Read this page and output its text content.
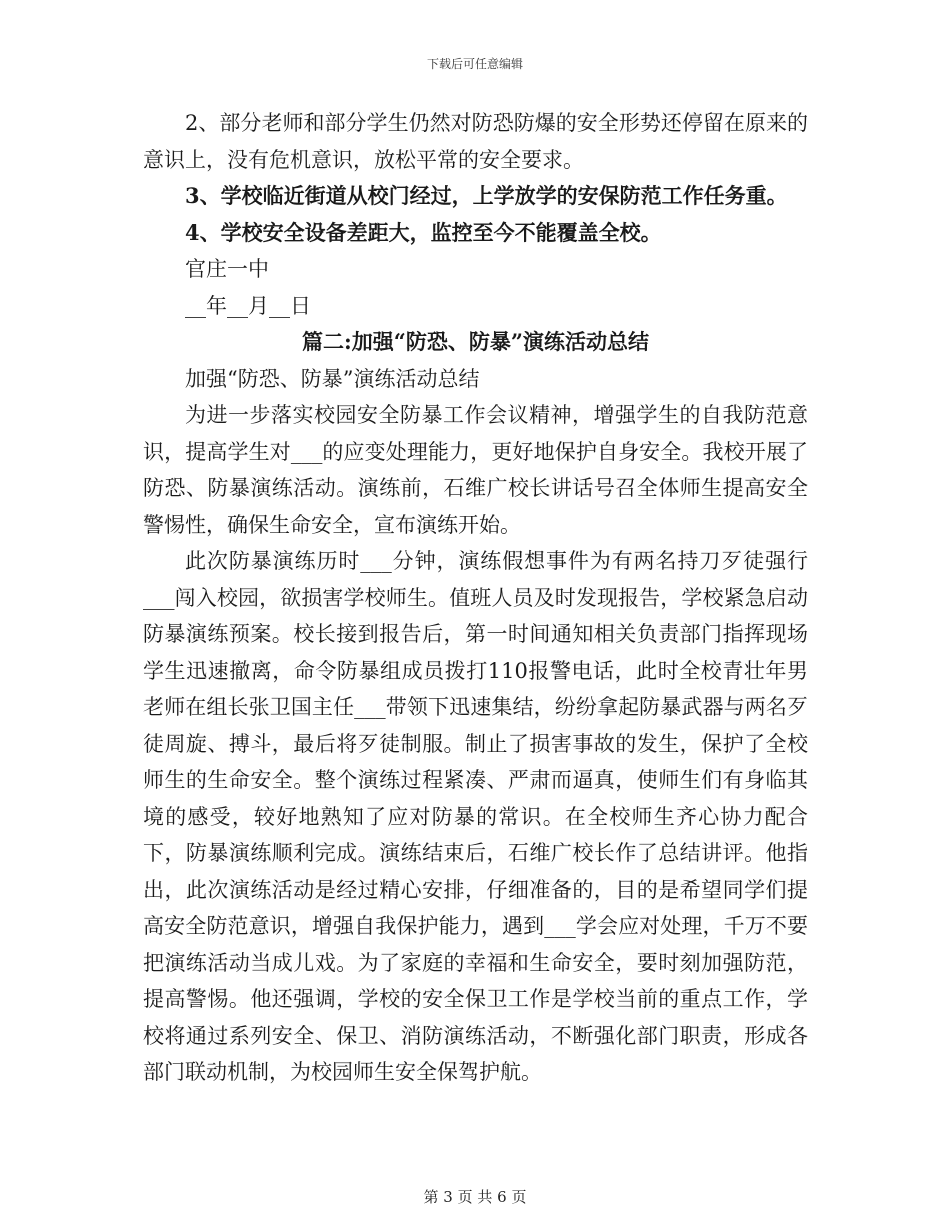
下载后可任意编辑

2、部分老师和部分学生仍然对防恐防爆的安全形势还停留在原来的意识上，没有危机意识，放松平常的安全要求。

3、学校临近街道从校门经过，上学放学的安保防范工作任务重。

4、学校安全设备差距大，监控至今不能覆盖全校。

官庄一中

__年__月__日

篇二:加强“防恐、防暴”演练活动总结

加强“防恐、防暴”演练活动总结

为进一步落实校园安全防暴工作会议精神，增强学生的自我防范意识，提高学生对___的应变处理能力，更好地保护自身安全。我校开展了防恐、防暴演练活动。演练前，石维广校长讲话号召全体师生提高安全警惕性，确保生命安全，宣布演练开始。

此次防暴演练历时___分钟，演练假想事件为有两名持刀歹徒强行___闯入校园，欲损害学校师生。值班人员及时发现报告，学校紧急启动防暴演练预案。校长接到报告后，第一时间通知相关负责部门指挥现场学生迅速撤离，命令防暴组成员拨打110报警电话，此时全校青壮年男老师在组长张卫国主任___带领下迅速集结，纷纷拿起防暴武器与两名歹徒周旋、搏斗，最后将歹徒制服。制止了损害事故的发生，保护了全校师生的生命安全。整个演练过程紧凑、严肃而逼真，使师生们有身临其境的感受，较好地熟知了应对防暴的常识。在全校师生齐心协力配合下，防暴演练顺利完成。演练结束后，石维广校长作了总结讲评。他指出，此次演练活动是经过精心安排，仔细准备的，目的是希望同学们提高安全防范意识，增强自我保护能力，遇到___学会应对处理，千万不要把演练活动当成儿戏。为了家庭的幸福和生命安全，要时刻加强防范，提高警惕。他还强调，学校的安全保卫工作是学校当前的重点工作，学校将通过系列安全、保卫、消防演练活动，不断强化部门职责，形成各部门联动机制，为校园师生安全保驾护航。

第 3 页 共 6 页
